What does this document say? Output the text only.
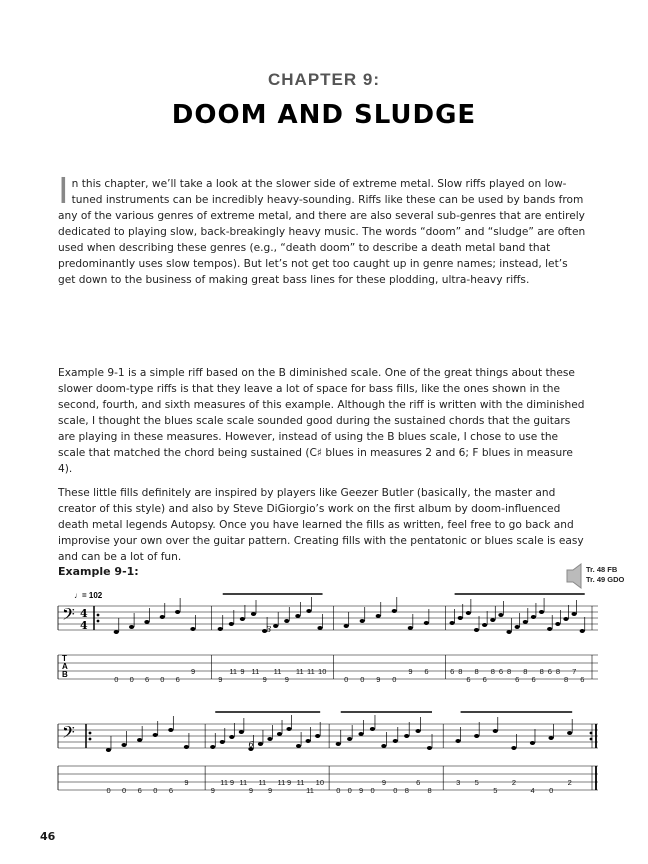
CHAPTER 9:
DOOM AND SLUDGE
In this chapter, we’ll take a look at the slower side of extreme metal. Slow riffs played on low-tuned instruments can be incredibly heavy-sounding. Riffs like these can be used by bands from any of the various genres of extreme metal, and there are also several sub-genres that are entirely dedicated to playing slow, back-breakingly heavy music. The words “doom” and “sludge” are often used when describing these genres (e.g., “death doom” to describe a death metal band that predominantly uses slow tempos). But let’s not get too caught up in genre names; instead, let’s get down to the business of making great bass lines for these plodding, ultra-heavy riffs.
Example 9-1 is a simple riff based on the B diminished scale. One of the great things about these slower doom-type riffs is that they leave a lot of space for bass fills, like the ones shown in the second, fourth, and sixth measures of this example. Although the riff is written with the diminished scale, I thought the blues scale scale sounded good during the sustained chords that the guitars are playing in these measures. However, instead of using the B blues scale, I chose to use the scale that matched the chord being sustained (C♯ blues in measures 2 and 6; F blues in measure 4).
These little fills definitely are inspired by players like Geezer Butler (basically, the master and creator of this style) and also by Steve DiGiorgio’s work on the first album by doom-influenced death metal legends Autopsy. Once you have learned the fills as written, feel free to go back and improvise your own over the guitar pattern. Creating fills with the pentatonic or blues scale is easy and can be a lot of fun.
Example 9-1:	Tr. 48 FB
Tr. 49 GDO
𝄢 4
4
♩= 102
T
A
B
0 0 6 0 6
9
9
11 9 11
9
11
9
11 11 10
0 0 9 0
9 6	6 8
6
8
6
8 6 8
6
8
6
8 6 8
8
7
6
3
𝄢
0 0 6 0 6
9
9
11 9 11
9
11
9
11 9 11
11
10
0 0 9 0
9
0 8
6
8
3 5
5
2
4 0
2
6
46
